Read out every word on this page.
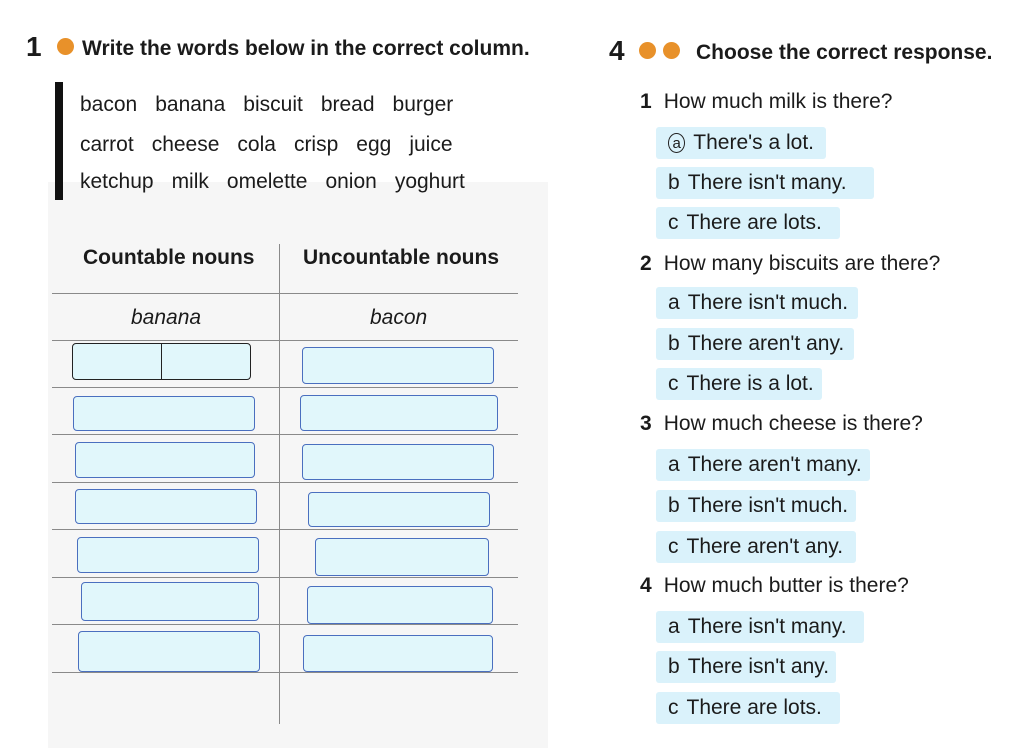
1 Write the words below in the correct column.
bacon banana biscuit bread burger
carrot cheese cola crisp egg juice
ketchup milk omelette onion yoghurt
Countable nouns Uncountable nouns
banana	bacon
4	Choose the correct response.
1 How much milk is there?
a There's a lot.
b There isn't many.
c There are lots.
2 How many biscuits are there?
a There isn't much.
b There aren't any.
c There is a lot.
3 How much cheese is there?
a There aren't many.
b There isn't much.
c There aren't any.
4 How much butter is there?
a There isn't many.
b There isn't any.
c There are lots.
